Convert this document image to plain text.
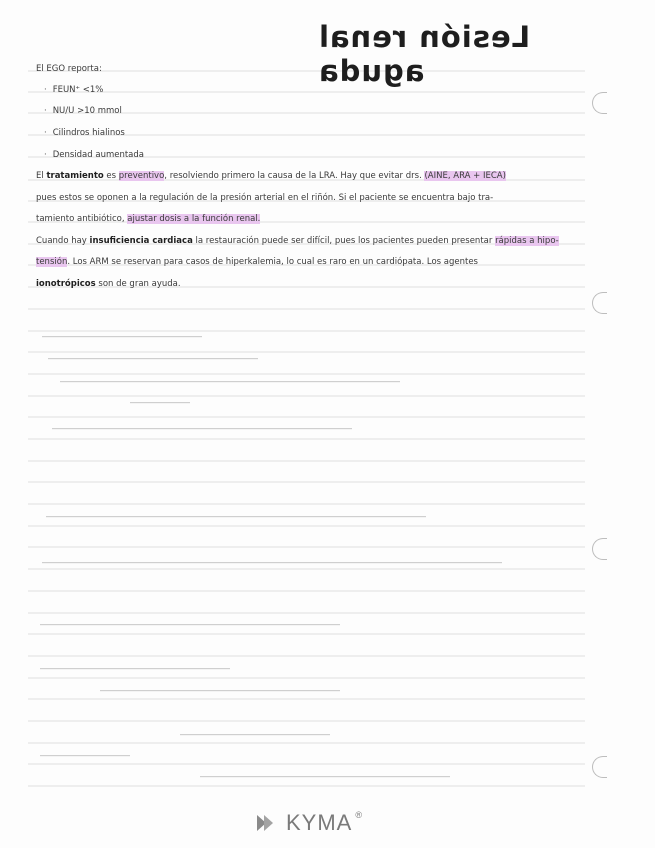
Lesión renal aguda
El EGO reporta:
· FEUN⁺ <1%
· NU/U >10 mmol
· Cilindros hialinos
· Densidad aumentada
El tratamiento es preventivo, resolviendo primero la causa de la LRA. Hay que evitar drs. (AINE, ARA + IECA)
pues estos se oponen a la regulación de la presión arterial en el riñón. Si el paciente se encuentra bajo tra-
tamiento antibiótico, ajustar dosis a la función renal.
Cuando hay insuficiencia cardiaca la restauración puede ser difícil, pues los pacientes pueden presentar rápidas a hipo-
tensión. Los ARM se reservan para casos de hiperkalemia, lo cual es raro en un cardiópata. Los agentes
ionotrópicos son de gran ayuda.
KYMA ®
